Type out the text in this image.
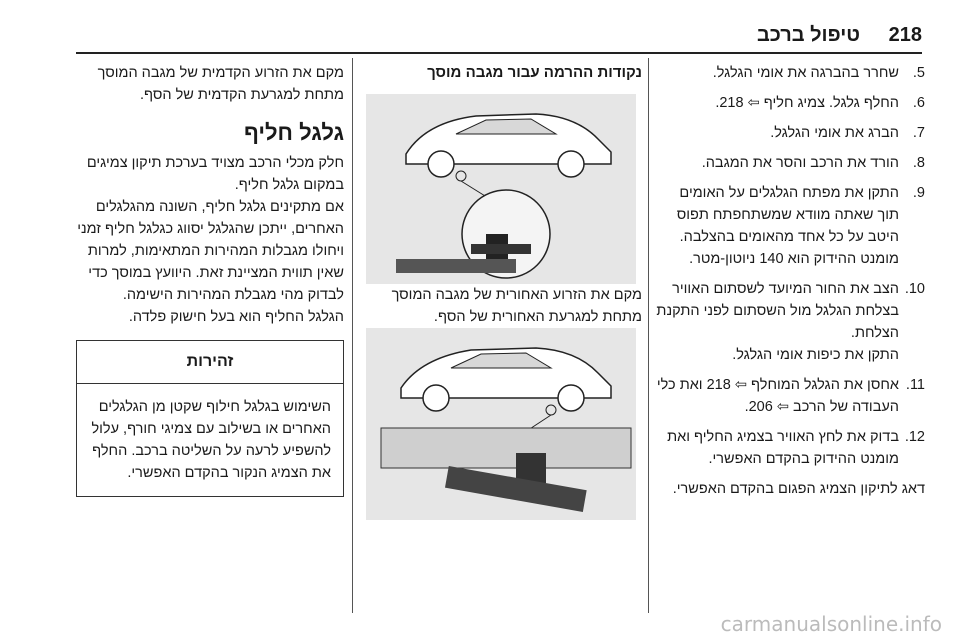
218
טיפול ברכב
5.
שחרר בהברגה את אומי הגלגל.
6.
החלף גלגל. צמיג חליף ⇦ 218.
7.
הברג את אומי הגלגל.
8.
הורד את הרכב והסר את המגבה.
9.
התקן את מפתח הגלגלים על האומים תוך שאתה מוודא שמשתחפתח תפוס היטב על כל אחד מהאומים בהצלבה. מומנט ההידוק הוא 140 ניוטון-מטר.
10.
הצב את החור המיועד לשסתום האוויר בצלחת הגלגל מול השסתום לפני התקנת הצלחת.
התקן את כיפות אומי הגלגל.
11.
אחסן את הגלגל המוחלף ⇦ 218 ואת כלי העבודה של הרכב ⇦ 206.
12.
בדוק את לחץ האוויר בצמיג החליף ואת מומנט ההידוק בהקדם האפשרי.

דאג לתיקון הצמיג הפגום בהקדם האפשרי.

נקודות ההרמה עבור מגבה מוסך

מקם את הזרוע האחורית של מגבה המוסך מתחת למגרעת האחורית של הסף.

מקם את הזרוע הקדמית של מגבה המוסך מתחת למגרעת הקדמית של הסף.

גלגל חליף

חלק מכלי הרכב מצויד בערכת תיקון צמיגים במקום גלגל חליף.

אם מתקינים גלגל חליף, השונה מהגלגלים האחרים, ייתכן שהגלגל יסווג כגלגל חליף זמני ויחולו מגבלות המהירות המתאימות, למרות שאין תווית המציינת זאת. היוועץ במוסך כדי לבדוק מהי מגבלת המהירות הישימה.

הגלגל החליף הוא בעל חישוק פלדה.

זהירות
השימוש בגלגל חילוף שקטן מן הגלגלים האחרים או בשילוב עם צמיגי חורף, עלול להשפיע לרעה על השליטה ברכב. החלף את הצמיג הנקור בהקדם האפשרי.
carmanualsonline.info
